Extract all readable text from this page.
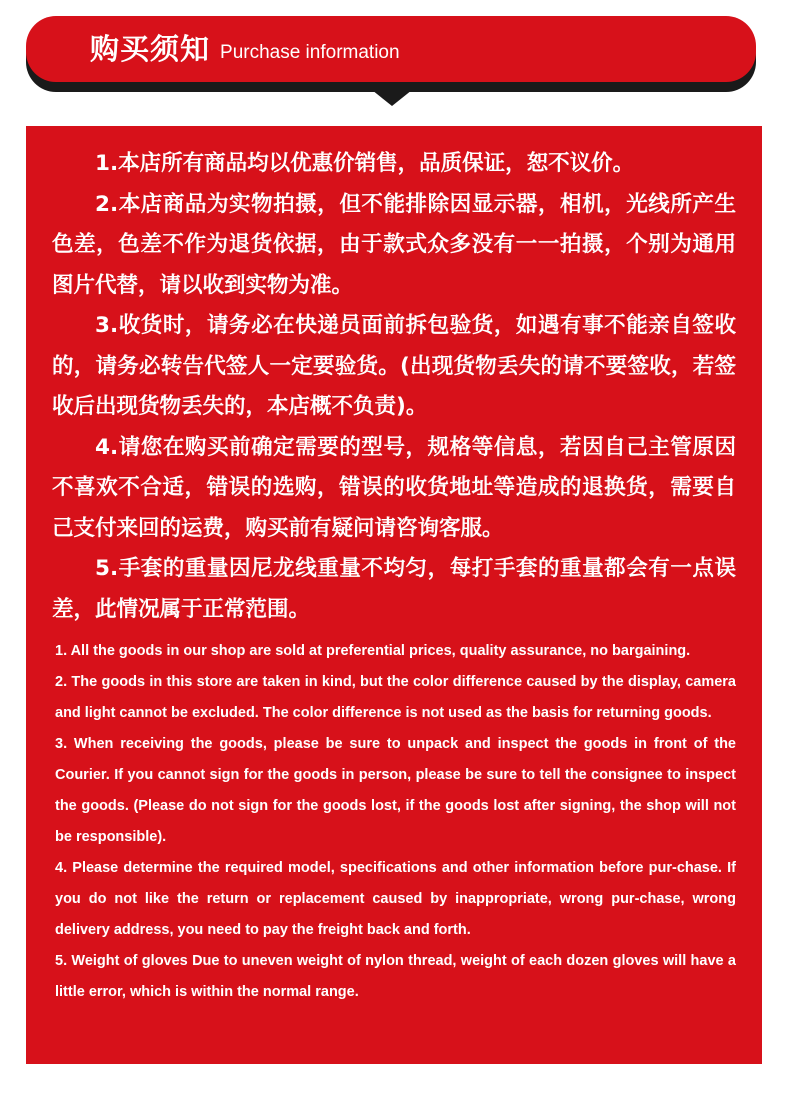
购买须知 Purchase information

1.本店所有商品均以优惠价销售，品质保证，恕不议价。

2.本店商品为实物拍摄，但不能排除因显示器，相机，光线所产生色差，色差不作为退货依据，由于款式众多没有一一拍摄，个别为通用图片代替，请以收到实物为准。

3.收货时，请务必在快递员面前拆包验货，如遇有事不能亲自签收的，请务必转告代签人一定要验货。(出现货物丢失的请不要签收，若签收后出现货物丢失的，本店概不负责)。

4.请您在购买前确定需要的型号，规格等信息，若因自己主管原因不喜欢不合适，错误的选购，错误的收货地址等造成的退换货，需要自己支付来回的运费，购买前有疑问请咨询客服。

5.手套的重量因尼龙线重量不均匀，每打手套的重量都会有一点误差，此情况属于正常范围。

1. All the goods in our shop are sold at preferential prices, quality assurance, no bargaining.

2. The goods in this store are taken in kind, but the color difference caused by the display, camera and light cannot be excluded. The color difference is not used as the basis for returning goods.

3. When receiving the goods, please be sure to unpack and inspect the goods in front of the Courier. If you cannot sign for the goods in person, please be sure to tell the consignee to inspect the goods. (Please do not sign for the goods lost, if the goods lost after signing, the shop will not be responsible).

4. Please determine the required model, specifications and other information before pur-chase. If you do not like the return or replacement caused by inappropriate, wrong pur-chase, wrong delivery address, you need to pay the freight back and forth.

5. Weight of gloves Due to uneven weight of nylon thread, weight of each dozen gloves will have a little error, which is within the normal range.
